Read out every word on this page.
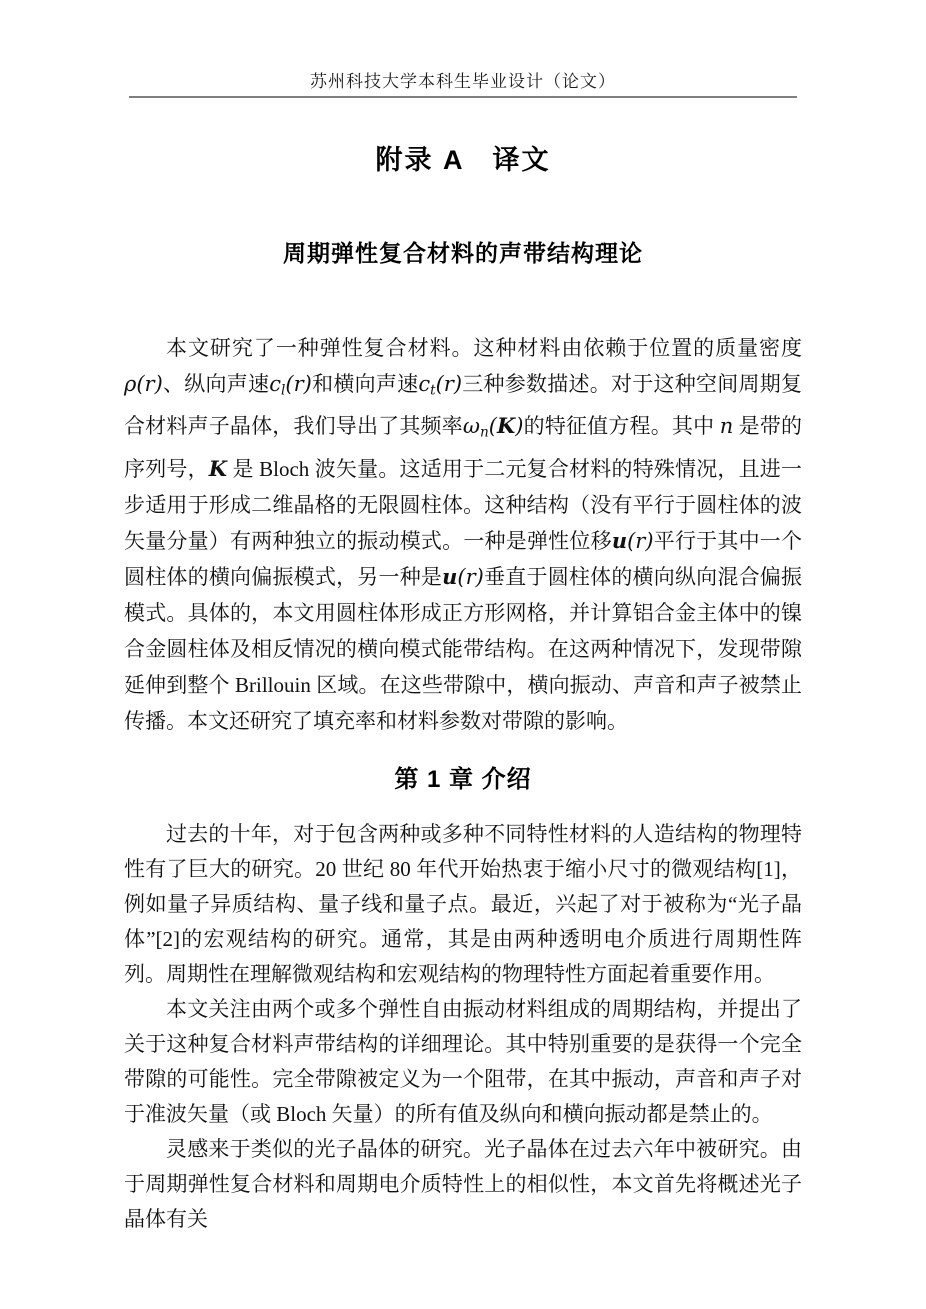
苏州科技大学本科生毕业设计（论文）
附录 A　译文
周期弹性复合材料的声带结构理论

本文研究了一种弹性复合材料。这种材料由依赖于位置的质量密度ρ(r)、纵向声速cl(r)和横向声速ct(r)三种参数描述。对于这种空间周期复合材料声子晶体，我们导出了其频率ωn(K)的特征值方程。其中 n 是带的序列号，K 是 Bloch 波矢量。这适用于二元复合材料的特殊情况，且进一步适用于形成二维晶格的无限圆柱体。这种结构（没有平行于圆柱体的波矢量分量）有两种独立的振动模式。一种是弹性位移u(r)平行于其中一个圆柱体的横向偏振模式，另一种是u(r)垂直于圆柱体的横向纵向混合偏振模式。具体的，本文用圆柱体形成正方形网格，并计算铝合金主体中的镍合金圆柱体及相反情况的横向模式能带结构。在这两种情况下，发现带隙延伸到整个 Brillouin 区域。在这些带隙中，横向振动、声音和声子被禁止传播。本文还研究了填充率和材料参数对带隙的影响。

第 1 章 介绍

过去的十年，对于包含两种或多种不同特性材料的人造结构的物理特性有了巨大的研究。20 世纪 80 年代开始热衷于缩小尺寸的微观结构[1]，例如量子异质结构、量子线和量子点。最近，兴起了对于被称为“光子晶体”[2]的宏观结构的研究。通常，其是由两种透明电介质进行周期性阵列。周期性在理解微观结构和宏观结构的物理特性方面起着重要作用。

本文关注由两个或多个弹性自由振动材料组成的周期结构，并提出了关于这种复合材料声带结构的详细理论。其中特别重要的是获得一个完全带隙的可能性。完全带隙被定义为一个阻带，在其中振动，声音和声子对于准波矢量（或 Bloch 矢量）的所有值及纵向和横向振动都是禁止的。

灵感来于类似的光子晶体的研究。光子晶体在过去六年中被研究。由于周期弹性复合材料和周期电介质特性上的相似性，本文首先将概述光子晶体有关
